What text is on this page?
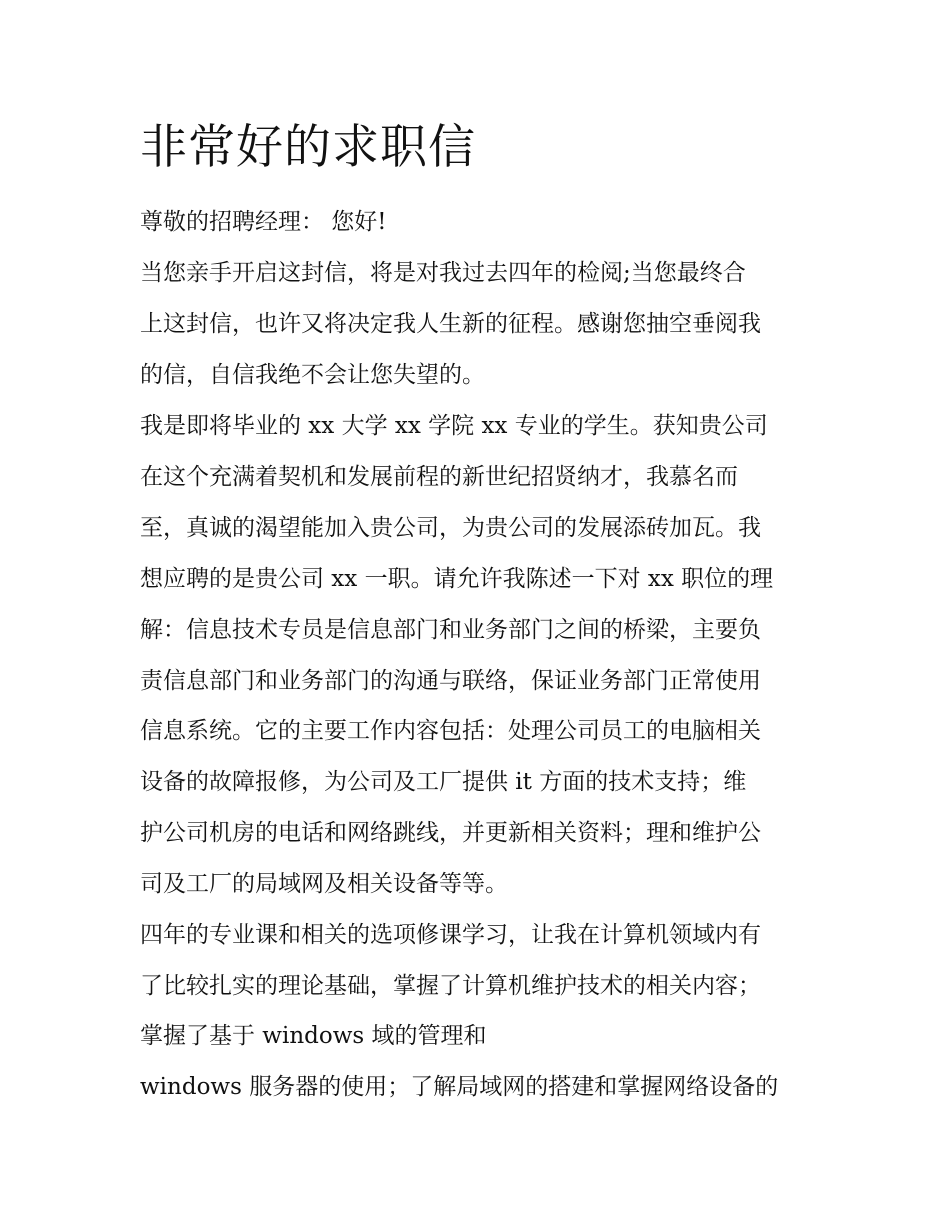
非常好的求职信

尊敬的招聘经理： 您好!

当您亲手开启这封信，将是对我过去四年的检阅;当您最终合

上这封信，也许又将决定我人生新的征程。感谢您抽空垂阅我

的信，自信我绝不会让您失望的。

我是即将毕业的 xx 大学 xx 学院 xx 专业的学生。获知贵公司

在这个充满着契机和发展前程的新世纪招贤纳才，我慕名而

至，真诚的渴望能加入贵公司，为贵公司的发展添砖加瓦。我

想应聘的是贵公司 xx 一职。请允许我陈述一下对 xx 职位的理

解：信息技术专员是信息部门和业务部门之间的桥梁，主要负

责信息部门和业务部门的沟通与联络，保证业务部门正常使用

信息系统。它的主要工作内容包括：处理公司员工的电脑相关

设备的故障报修，为公司及工厂提供 it 方面的技术支持；维

护公司机房的电话和网络跳线，并更新相关资料；理和维护公

司及工厂的局域网及相关设备等等。

四年的专业课和相关的选项修课学习，让我在计算机领域内有

了比较扎实的理论基础，掌握了计算机维护技术的相关内容；

掌握了基于 windows 域的管理和

windows 服务器的使用；了解局域网的搭建和掌握网络设备的
